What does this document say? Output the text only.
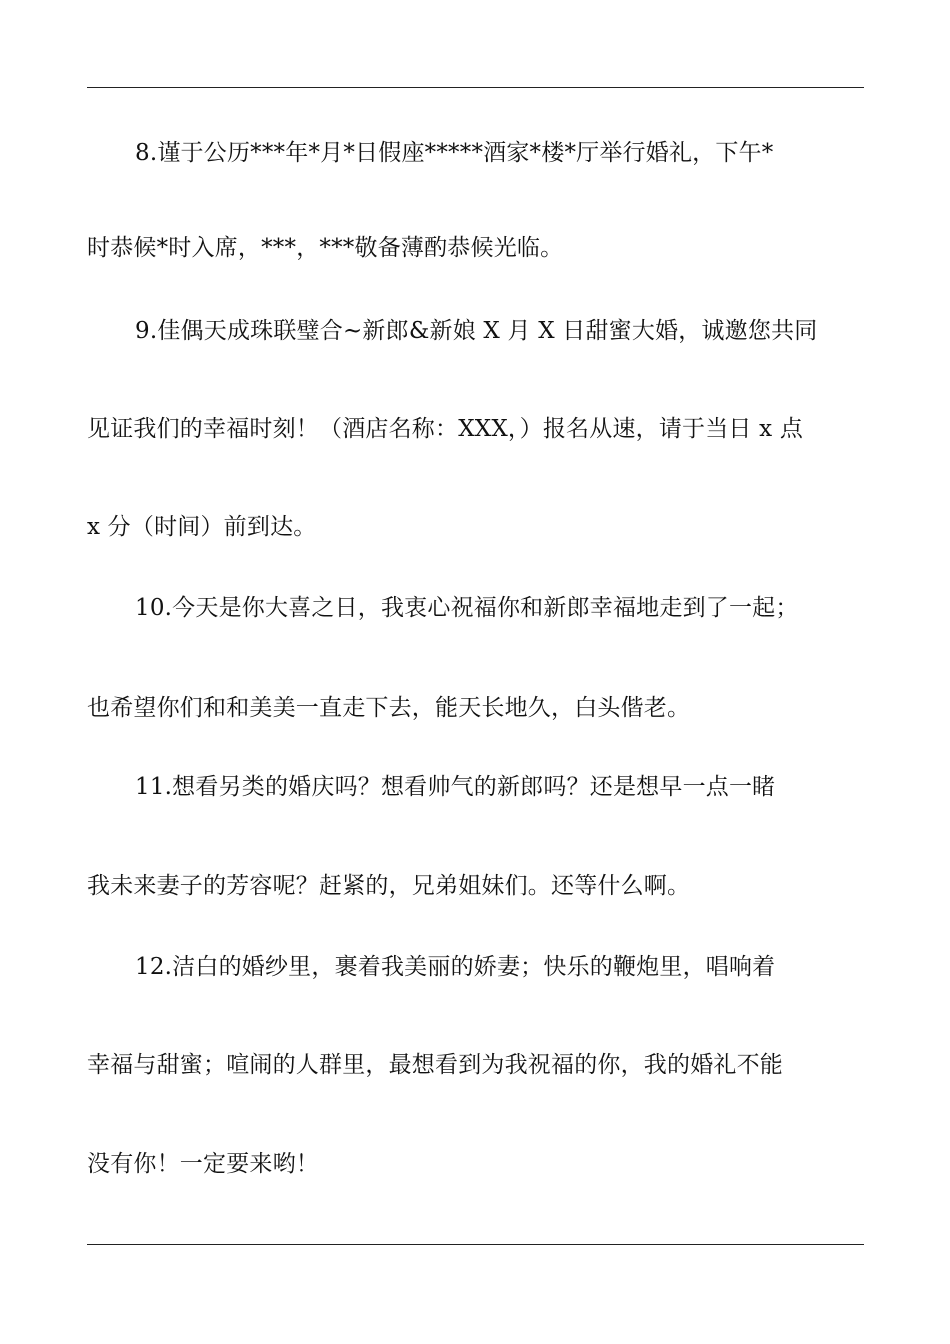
8.谨于公历***年*月*日假座*****酒家*楼*厅举行婚礼，下午*
时恭候*时入席，***，***敬备薄酌恭候光临。
9.佳偶天成珠联璧合~新郎&新娘 X 月 X 日甜蜜大婚，诚邀您共同
见证我们的幸福时刻！（酒店名称：XXX，）报名从速，请于当日 x 点
x 分（时间）前到达。
10.今天是你大喜之日，我衷心祝福你和新郎幸福地走到了一起；
也希望你们和和美美一直走下去，能天长地久，白头偕老。
11.想看另类的婚庆吗？想看帅气的新郎吗？还是想早一点一睹
我未来妻子的芳容呢？赶紧的，兄弟姐妹们。还等什么啊。
12.洁白的婚纱里，裹着我美丽的娇妻；快乐的鞭炮里，唱响着
幸福与甜蜜；喧闹的人群里，最想看到为我祝福的你，我的婚礼不能
没有你！一定要来哟！
